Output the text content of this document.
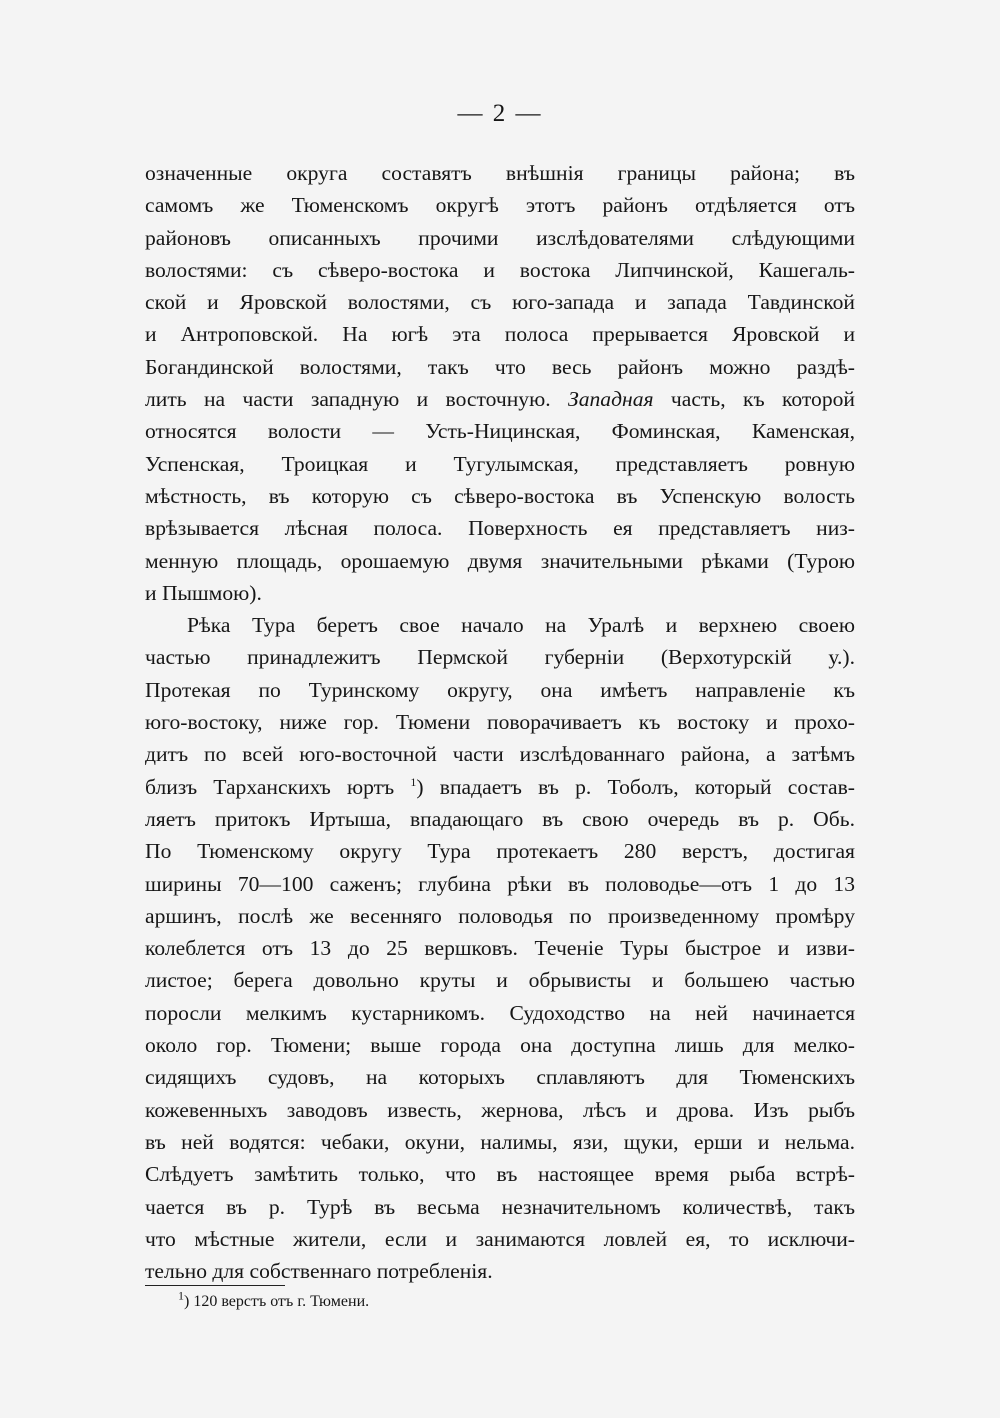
— 2 —
означенные округа составятъ внѣшнія границы района; въ
самомъ же Тюменскомъ округѣ этотъ районъ отдѣляется отъ
районовъ описанныхъ прочими изслѣдователями слѣдующими
волостями: съ сѣверо-востока и востока Липчинской, Кашегаль-
ской и Яровской волостями, съ юго-запада и запада Тавдинской
и Антроповской. На югѣ эта полоса прерывается Яровской и
Богандинской волостями, такъ что весь районъ можно раздѣ-
лить на части западную и восточную. Западная часть, къ которой
относятся волости — Усть-Ницинская, Фоминская, Каменская,
Успенская, Троицкая и Тугулымская, представляетъ ровную
мѣстность, въ которую съ сѣверо-востока въ Успенскую волость
врѣзывается лѣсная полоса. Поверхность ея представляетъ низ-
менную площадь, орошаемую двумя значительными рѣками (Турою
и Пышмою).
Рѣка Тура беретъ свое начало на Уралѣ и верхнею своею
частью принадлежитъ Пермской губерніи (Верхотурскій у.).
Протекая по Туринскому округу, она имѣетъ направленіе къ
юго-востоку, ниже гор. Тюмени поворачиваетъ къ востоку и прохо-
дитъ по всей юго-восточной части изслѣдованнаго района, а затѣмъ
близъ Тарханскихъ юртъ $^1$) впадаетъ въ р. Тоболъ, который состав-
ляетъ притокъ Иртыша, впадающаго въ свою очередь въ р. Обь.
По Тюменскому округу Тура протекаетъ 280 верстъ, достигая
ширины 70—100 саженъ; глубина рѣки въ половодье—отъ 1 до 13
аршинъ, послѣ же весенняго половодья по произведенному промѣру
колеблется отъ 13 до 25 вершковъ. Теченіе Туры быстрое и изви-
листое; берега довольно круты и обрывисты и большею частью
поросли мелкимъ кустарникомъ. Судоходство на ней начинается
около гор. Тюмени; выше города она доступна лишь для мелко-
сидящихъ судовъ, на которыхъ сплавляютъ для Тюменскихъ
кожевенныхъ заводовъ известь, жернова, лѣсъ и дрова. Изъ рыбъ
въ ней водятся: чебаки, окуни, налимы, язи, щуки, ерши и нельма.
Слѣдуетъ замѣтить только, что въ настоящее время рыба встрѣ-
чается въ р. Турѣ въ весьма незначительномъ количествѣ, такъ
что мѣстные жители, если и занимаются ловлей ея, то исключи-
тельно для собственнаго потребленія.
$^1$) 120 верстъ отъ г. Тюмени.
